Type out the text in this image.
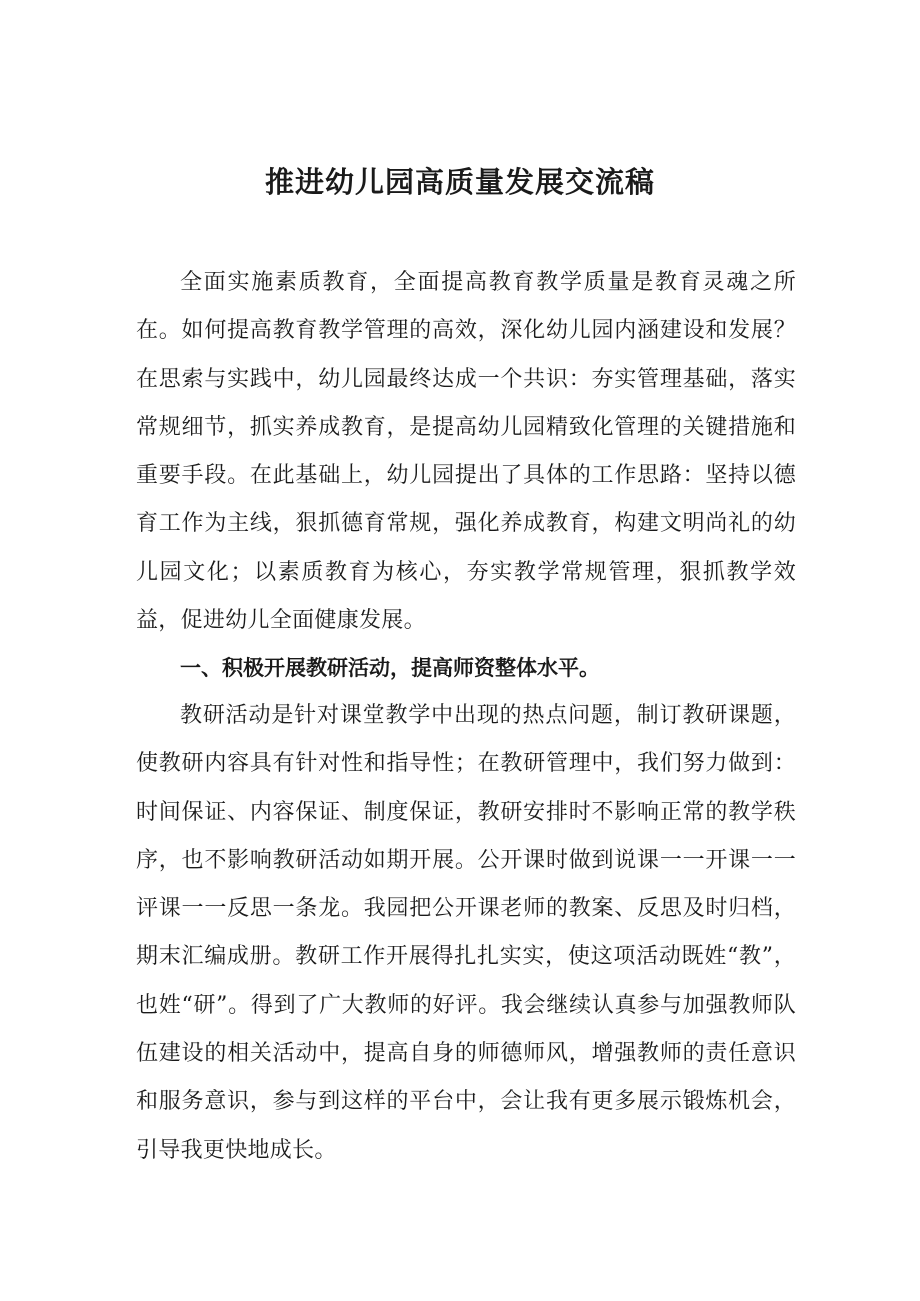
推进幼儿园高质量发展交流稿

全面实施素质教育，全面提高教育教学质量是教育灵魂之所在。如何提高教育教学管理的高效，深化幼儿园内涵建设和发展？在思索与实践中，幼儿园最终达成一个共识：夯实管理基础，落实常规细节，抓实养成教育，是提高幼儿园精致化管理的关键措施和重要手段。在此基础上，幼儿园提出了具体的工作思路：坚持以德育工作为主线，狠抓德育常规，强化养成教育，构建文明尚礼的幼儿园文化；以素质教育为核心，夯实教学常规管理，狠抓教学效益，促进幼儿全面健康发展。

一、积极开展教研活动，提高师资整体水平。

教研活动是针对课堂教学中出现的热点问题，制订教研课题，使教研内容具有针对性和指导性；在教研管理中，我们努力做到：时间保证、内容保证、制度保证，教研安排时不影响正常的教学秩序，也不影响教研活动如期开展。公开课时做到说课一一开课一一评课一一反思一条龙。我园把公开课老师的教案、反思及时归档，期末汇编成册。教研工作开展得扎扎实实，使这项活动既姓“教”，也姓“研”。得到了广大教师的好评。我会继续认真参与加强教师队伍建设的相关活动中，提高自身的师德师风，增强教师的责任意识和服务意识，参与到这样的平台中，会让我有更多展示锻炼机会，引导我更快地成长。
